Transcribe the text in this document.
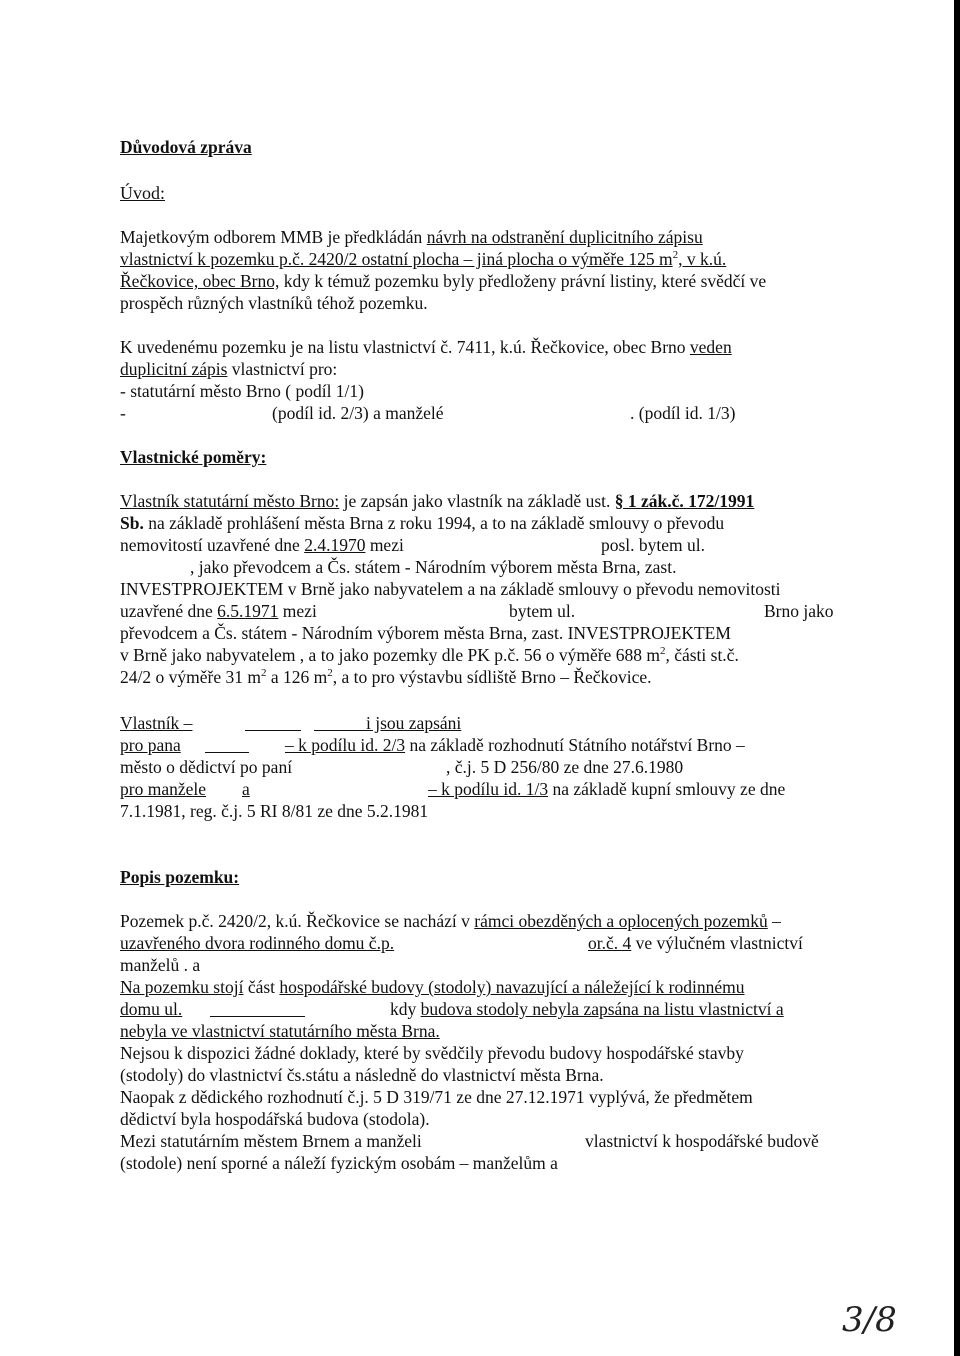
Důvodová zpráva
Úvod:
Majetkovým odborem MMB je předkládán návrh na odstranění duplicitního zápisu
vlastnictví k pozemku p.č. 2420/2 ostatní plocha – jiná plocha o výměře 125 $m^2$, v k.ú.
Řečkovice, obec Brno, kdy k témuž pozemku byly předloženy právní listiny, které svědčí ve
prospěch různých vlastníků téhož pozemku.
K uvedenému pozemku je na listu vlastnictví č. 7411, k.ú. Řečkovice, obec Brno veden
duplicitní zápis vlastnictví pro:
- statutární město Brno ( podíl 1/1)
-	(podíl id. 2/3) a manželé	. (podíl id. 1/3)
Vlastnické poměry:
Vlastník statutární město Brno: je zapsán jako vlastník na základě ust. § 1 zák.č. 172/1991
Sb. na základě prohlášení města Brna z roku 1994, a to na základě smlouvy o převodu
nemovitostí uzavřené dne 2.4.1970 mezi	posl. bytem ul.
, jako převodcem a Čs. státem - Národním výborem města Brna, zast.
INVESTPROJEKTEM v Brně jako nabyvatelem a na základě smlouvy o převodu nemovitosti
uzavřené dne 6.5.1971 mezi	bytem ul.	Brno jako
převodcem a Čs. státem - Národním výborem města Brna, zast. INVESTPROJEKTEM
v Brně jako nabyvatelem , a to jako pozemky dle PK p.č. 56 o výměře 688 $m^2$, části st.č.
24/2 o výměře 31 $m^2$ a 126 $m^2$, a to pro výstavbu sídliště Brno – Řečkovice.
Vlastník –	i jsou zapsáni
pro pana	– k podílu id. 2/3 na základě rozhodnutí Státního notářství Brno –
město o dědictví po paní	, č.j. 5 D 256/80 ze dne 27.6.1980
pro manžele a	– k podílu id. 1/3 na základě kupní smlouvy ze dne
7.1.1981, reg. č.j. 5 RI 8/81 ze dne 5.2.1981
Popis pozemku:
Pozemek p.č. 2420/2, k.ú. Řečkovice se nachází v rámci obezděných a oplocených pozemků –
uzavřeného dvora rodinného domu č.p.	or.č. 4 ve výlučném vlastnictví
manželů . a
Na pozemku stojí část hospodářské budovy (stodoly) navazující a náležející k rodinnému
domu ul.	kdy budova stodoly nebyla zapsána na listu vlastnictví a
nebyla ve vlastnictví statutárního města Brna.
Nejsou k dispozici žádné doklady, které by svědčily převodu budovy hospodářské stavby
(stodoly) do vlastnictví čs.státu a následně do vlastnictví města Brna.
Naopak z dědického rozhodnutí č.j. 5 D 319/71 ze dne 27.12.1971 vyplývá, že předmětem
dědictví byla hospodářská budova (stodola).
Mezi statutárním městem Brnem a manželi	vlastnictví k hospodářské budově
(stodole) není sporné a náleží fyzickým osobám – manželům a
3/8
